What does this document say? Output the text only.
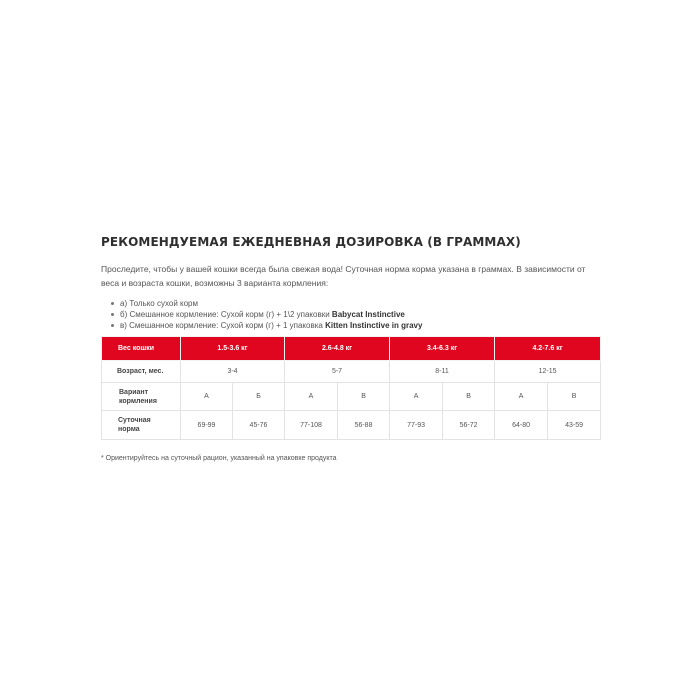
РЕКОМЕНДУЕМАЯ ЕЖЕДНЕВНАЯ ДОЗИРОВКА (В ГРАММАХ)

Проследите, чтобы у вашей кошки всегда была свежая вода! Суточная норма корма указана в граммах. В зависимости от веса и возраста кошки, возможны 3 варианта кормления:

а) Только сухой корм
б) Смешанное кормление: Сухой корм (г) + 1\2 упаковки Babycat Instinctive
в) Смешанное кормление: Сухой корм (г) + 1 упаковка Kitten Instinctive in gravy
Вес кошки	1.5-3.6 кг		2.6-4.8 кг		3.4-6.3 кг		4.2-7.6 кг	
Возраст, мес.	3-4		5-7		8-11		12-15	
Вариант
кормления	А	Б	А	В	А	В	А	В
Суточная
норма	69-99	45-76	77-108	56-88	77-93	56-72	64-80	43-59

* Ориентируйтесь на суточный рацион, указанный на упаковке продукта
